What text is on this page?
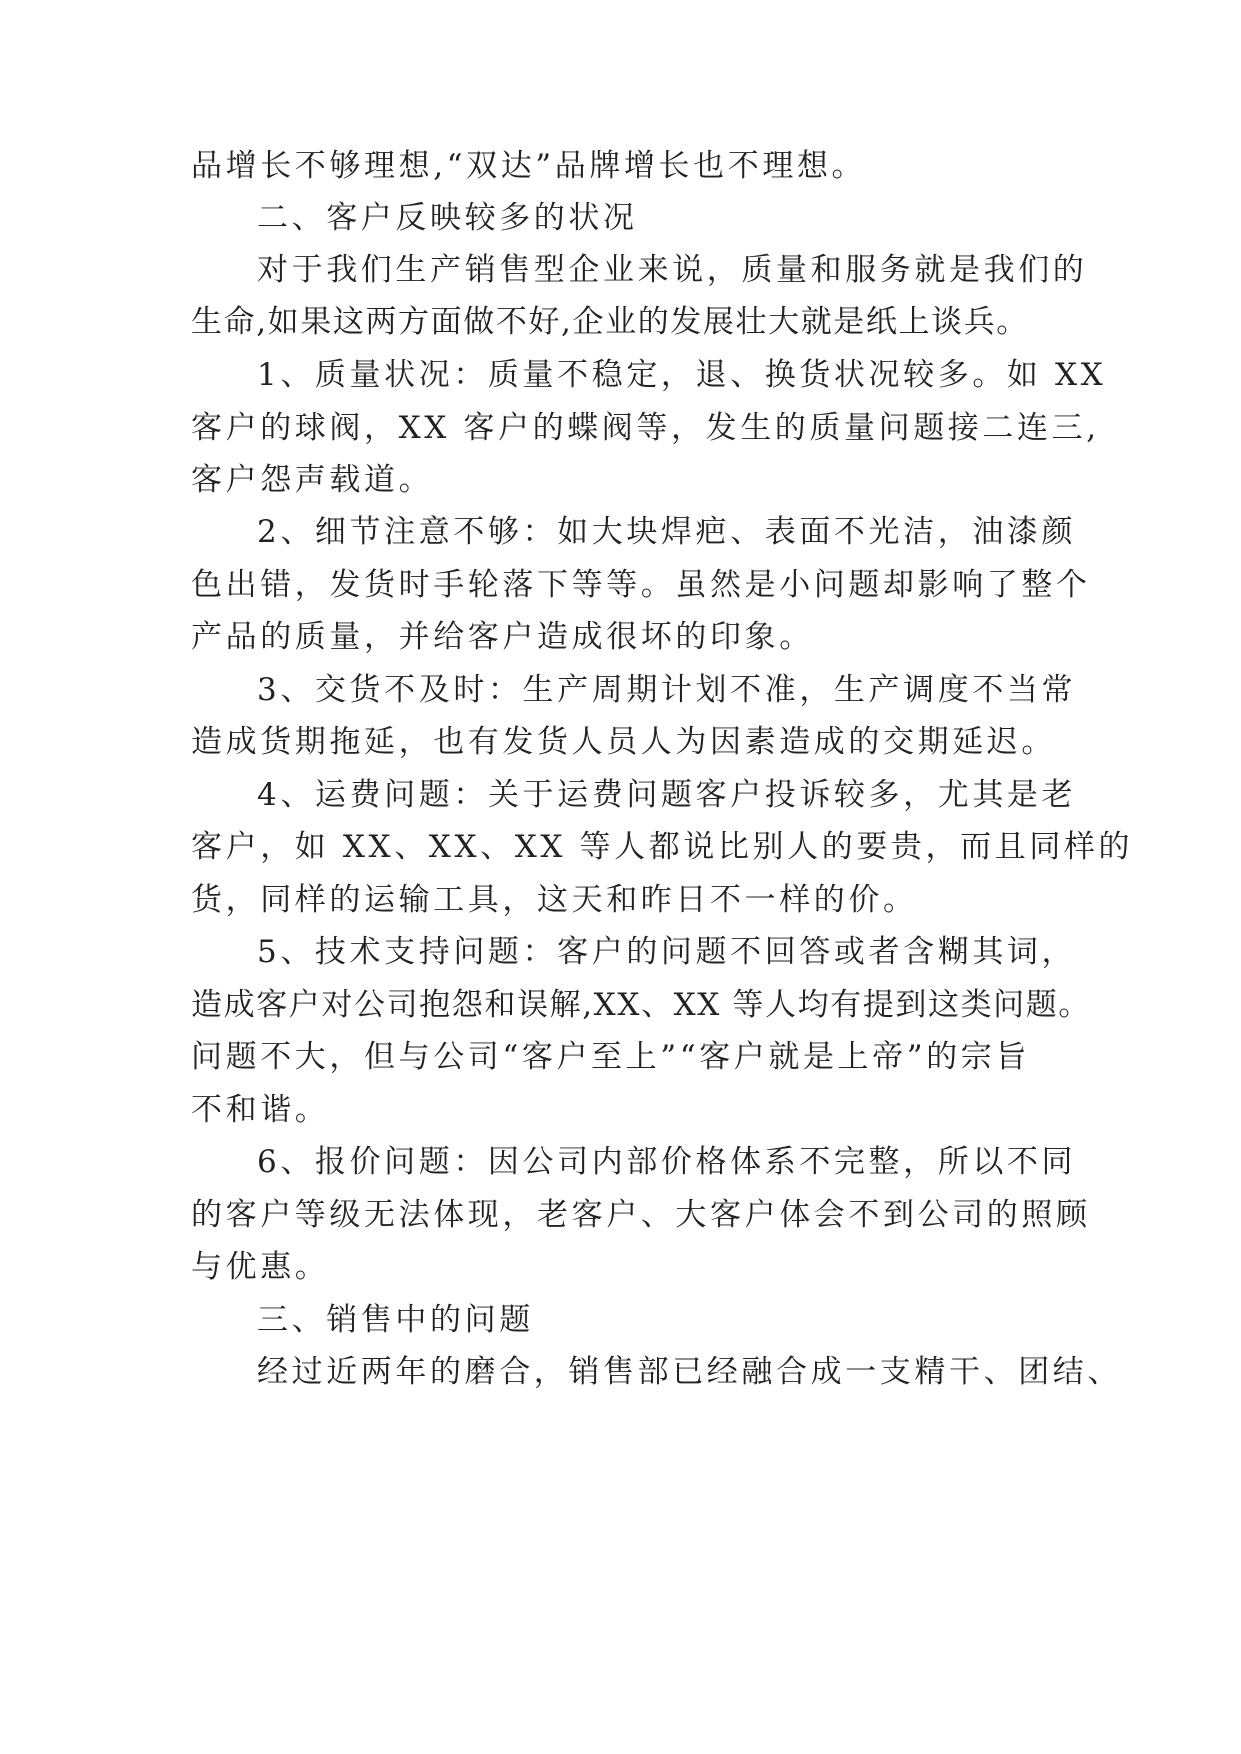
品增长不够理想,“双达”品牌增长也不理想。

二、客户反映较多的状况

对于我们生产销售型企业来说，质量和服务就是我们的

生命,如果这两方面做不好,企业的发展壮大就是纸上谈兵。

1、质量状况：质量不稳定，退、换货状况较多。如 XX

客户的球阀，XX 客户的蝶阀等，发生的质量问题接二连三,

客户怨声载道。

2、细节注意不够：如大块焊疤、表面不光洁，油漆颜

色出错，发货时手轮落下等等。虽然是小问题却影响了整个

产品的质量，并给客户造成很坏的印象。

3、交货不及时：生产周期计划不准，生产调度不当常

造成货期拖延，也有发货人员人为因素造成的交期延迟。

4、运费问题：关于运费问题客户投诉较多，尤其是老

客户，如 XX、XX、XX 等人都说比别人的要贵，而且同样的

货，同样的运输工具，这天和昨日不一样的价。

5、技术支持问题：客户的问题不回答或者含糊其词，

造成客户对公司抱怨和误解,XX、XX 等人均有提到这类问题。

问题不大，但与公司“客户至上”“客户就是上帝”的宗旨

不和谐。

6、报价问题：因公司内部价格体系不完整，所以不同

的客户等级无法体现，老客户、大客户体会不到公司的照顾

与优惠。

三、销售中的问题

经过近两年的磨合，销售部已经融合成一支精干、团结、
